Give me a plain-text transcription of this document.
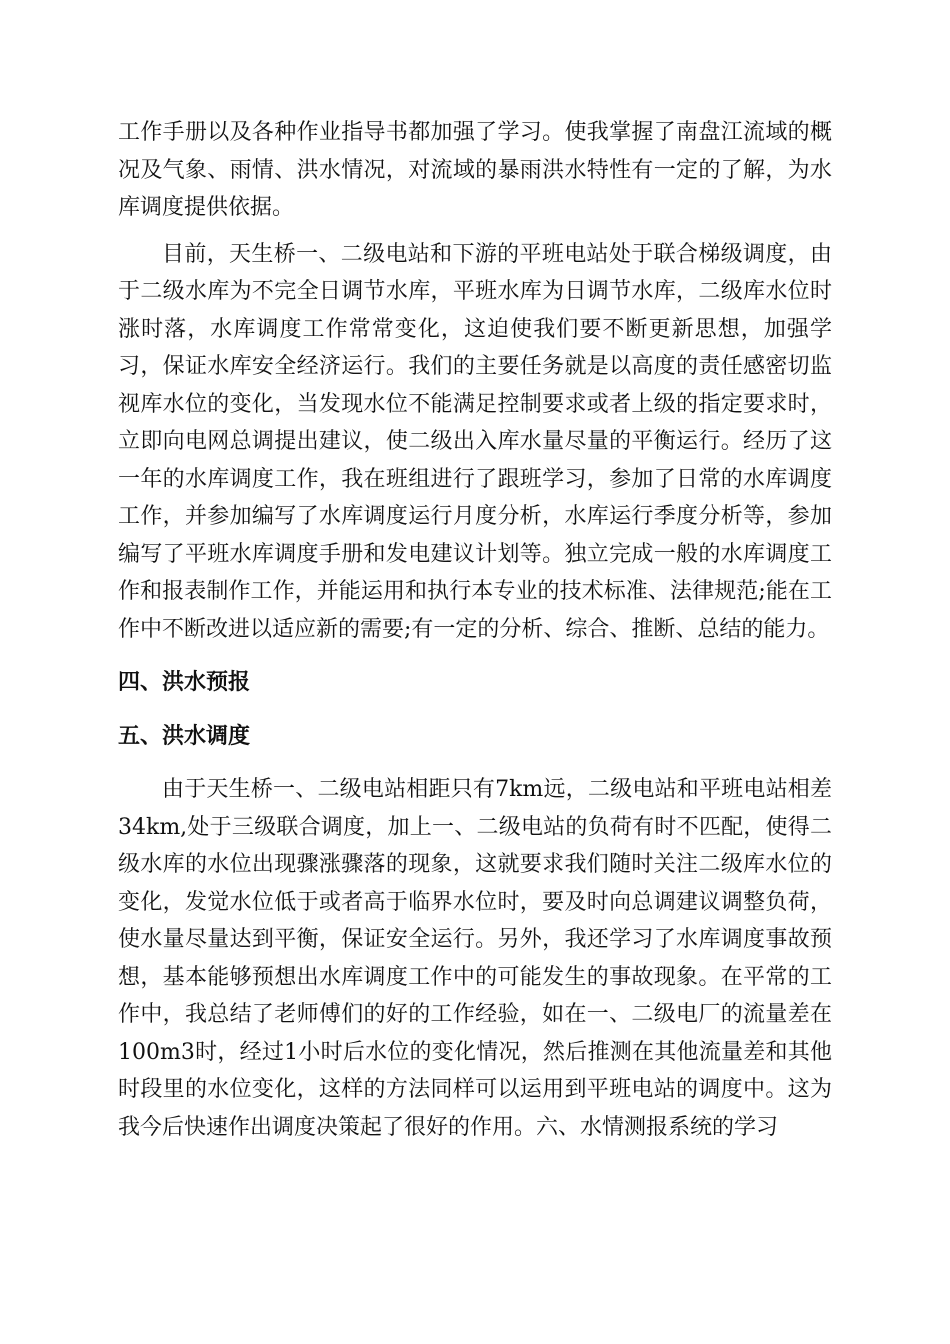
工作手册以及各种作业指导书都加强了学习。使我掌握了南盘江流域的概况及气象、雨情、洪水情况，对流域的暴雨洪水特性有一定的了解，为水库调度提供依据。

目前，天生桥一、二级电站和下游的平班电站处于联合梯级调度，由于二级水库为不完全日调节水库，平班水库为日调节水库，二级库水位时涨时落，水库调度工作常常变化，这迫使我们要不断更新思想，加强学习，保证水库安全经济运行。我们的主要任务就是以高度的责任感密切监视库水位的变化，当发现水位不能满足控制要求或者上级的指定要求时，立即向电网总调提出建议，使二级出入库水量尽量的平衡运行。经历了这一年的水库调度工作，我在班组进行了跟班学习，参加了日常的水库调度工作，并参加编写了水库调度运行月度分析，水库运行季度分析等，参加编写了平班水库调度手册和发电建议计划等。独立完成一般的水库调度工作和报表制作工作，并能运用和执行本专业的技术标准、法律规范;能在工作中不断改进以适应新的需要;有一定的分析、综合、推断、总结的能力。

四、洪水预报
五、洪水调度

由于天生桥一、二级电站相距只有7km远，二级电站和平班电站相差34km,处于三级联合调度，加上一、二级电站的负荷有时不匹配，使得二级水库的水位出现骤涨骤落的现象，这就要求我们随时关注二级库水位的变化，发觉水位低于或者高于临界水位时，要及时向总调建议调整负荷，使水量尽量达到平衡，保证安全运行。另外，我还学习了水库调度事故预想，基本能够预想出水库调度工作中的可能发生的事故现象。在平常的工作中，我总结了老师傅们的好的工作经验，如在一、二级电厂的流量差在100m3时，经过1小时后水位的变化情况，然后推测在其他流量差和其他时段里的水位变化，这样的方法同样可以运用到平班电站的调度中。这为我今后快速作出调度决策起了很好的作用。六、水情测报系统的学习
